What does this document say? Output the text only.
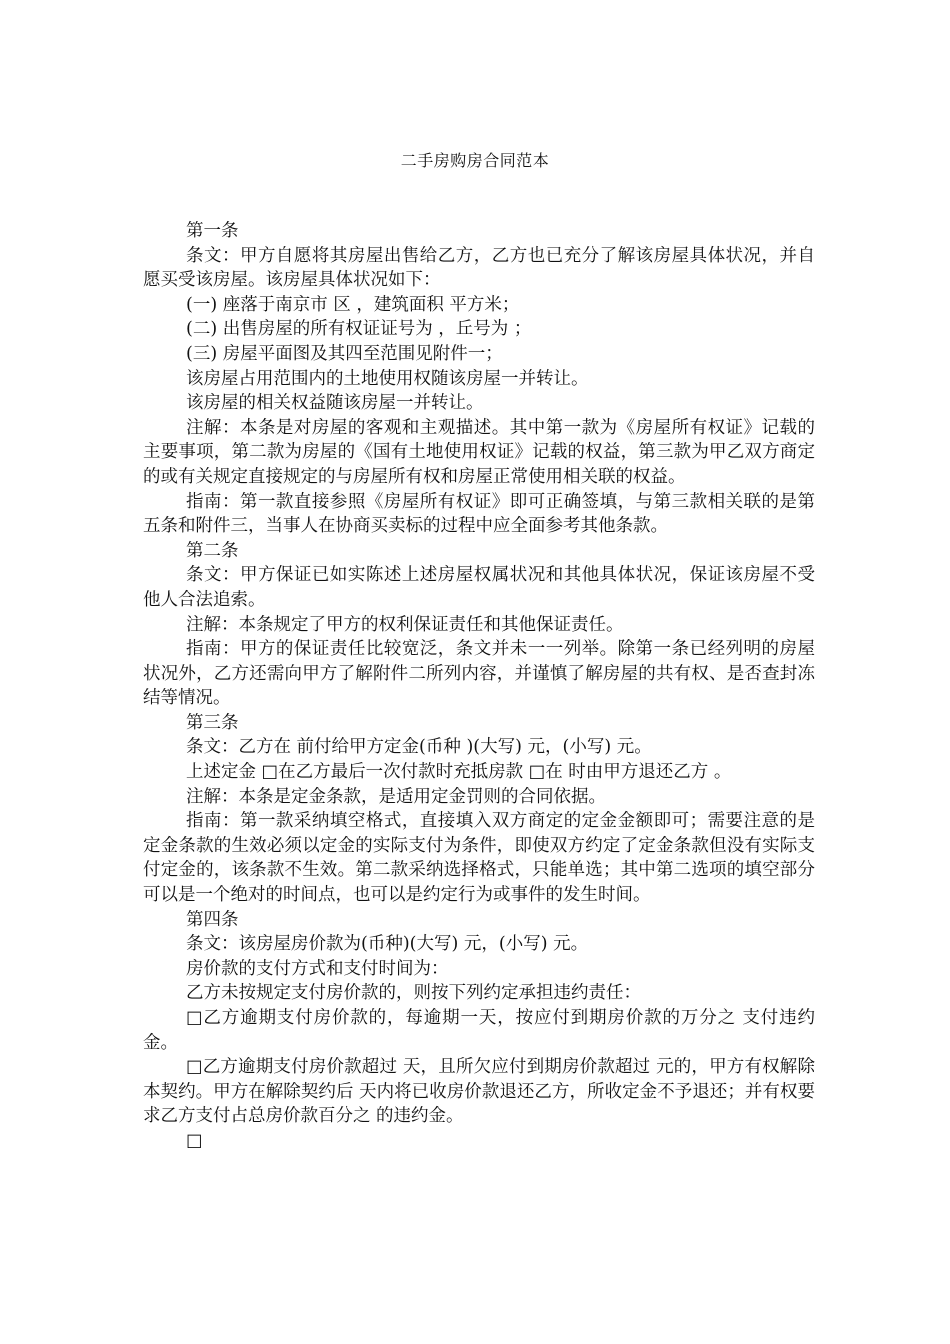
二手房购房合同范本

第一条

条文：甲方自愿将其房屋出售给乙方，乙方也已充分了解该房屋具体状况，并自愿买受该房屋。该房屋具体状况如下：

(一) 座落于南京市 区 ，建筑面积 平方米；

(二) 出售房屋的所有权证证号为 ，丘号为 ；

(三) 房屋平面图及其四至范围见附件一；

该房屋占用范围内的土地使用权随该房屋一并转让。

该房屋的相关权益随该房屋一并转让。

注解：本条是对房屋的客观和主观描述。其中第一款为《房屋所有权证》记载的主要事项，第二款为房屋的《国有土地使用权证》记载的权益，第三款为甲乙双方商定的或有关规定直接规定的与房屋所有权和房屋正常使用相关联的权益。

指南：第一款直接参照《房屋所有权证》即可正确签填，与第三款相关联的是第五条和附件三，当事人在协商买卖标的过程中应全面参考其他条款。

第二条

条文：甲方保证已如实陈述上述房屋权属状况和其他具体状况，保证该房屋不受他人合法追索。

注解：本条规定了甲方的权利保证责任和其他保证责任。

指南：甲方的保证责任比较宽泛，条文并未一一列举。除第一条已经列明的房屋状况外，乙方还需向甲方了解附件二所列内容，并谨慎了解房屋的共有权、是否查封冻结等情况。

第三条

条文：乙方在 前付给甲方定金(币种 )(大写) 元，(小写) 元。

上述定金 □在乙方最后一次付款时充抵房款 □在 时由甲方退还乙方 。

注解：本条是定金条款，是适用定金罚则的合同依据。

指南：第一款采纳填空格式，直接填入双方商定的定金金额即可；需要注意的是定金条款的生效必须以定金的实际支付为条件，即使双方约定了定金条款但没有实际支付定金的，该条款不生效。第二款采纳选择格式，只能单选；其中第二选项的填空部分可以是一个绝对的时间点，也可以是约定行为或事件的发生时间。

第四条

条文：该房屋房价款为(币种)(大写) 元，(小写) 元。

房价款的支付方式和支付时间为：

乙方未按规定支付房价款的，则按下列约定承担违约责任：

□乙方逾期支付房价款的，每逾期一天，按应付到期房价款的万分之 支付违约金。

□乙方逾期支付房价款超过 天，且所欠应付到期房价款超过 元的，甲方有权解除本契约。甲方在解除契约后 天内将已收房价款退还乙方，所收定金不予退还；并有权要求乙方支付占总房价款百分之 的违约金。

□
